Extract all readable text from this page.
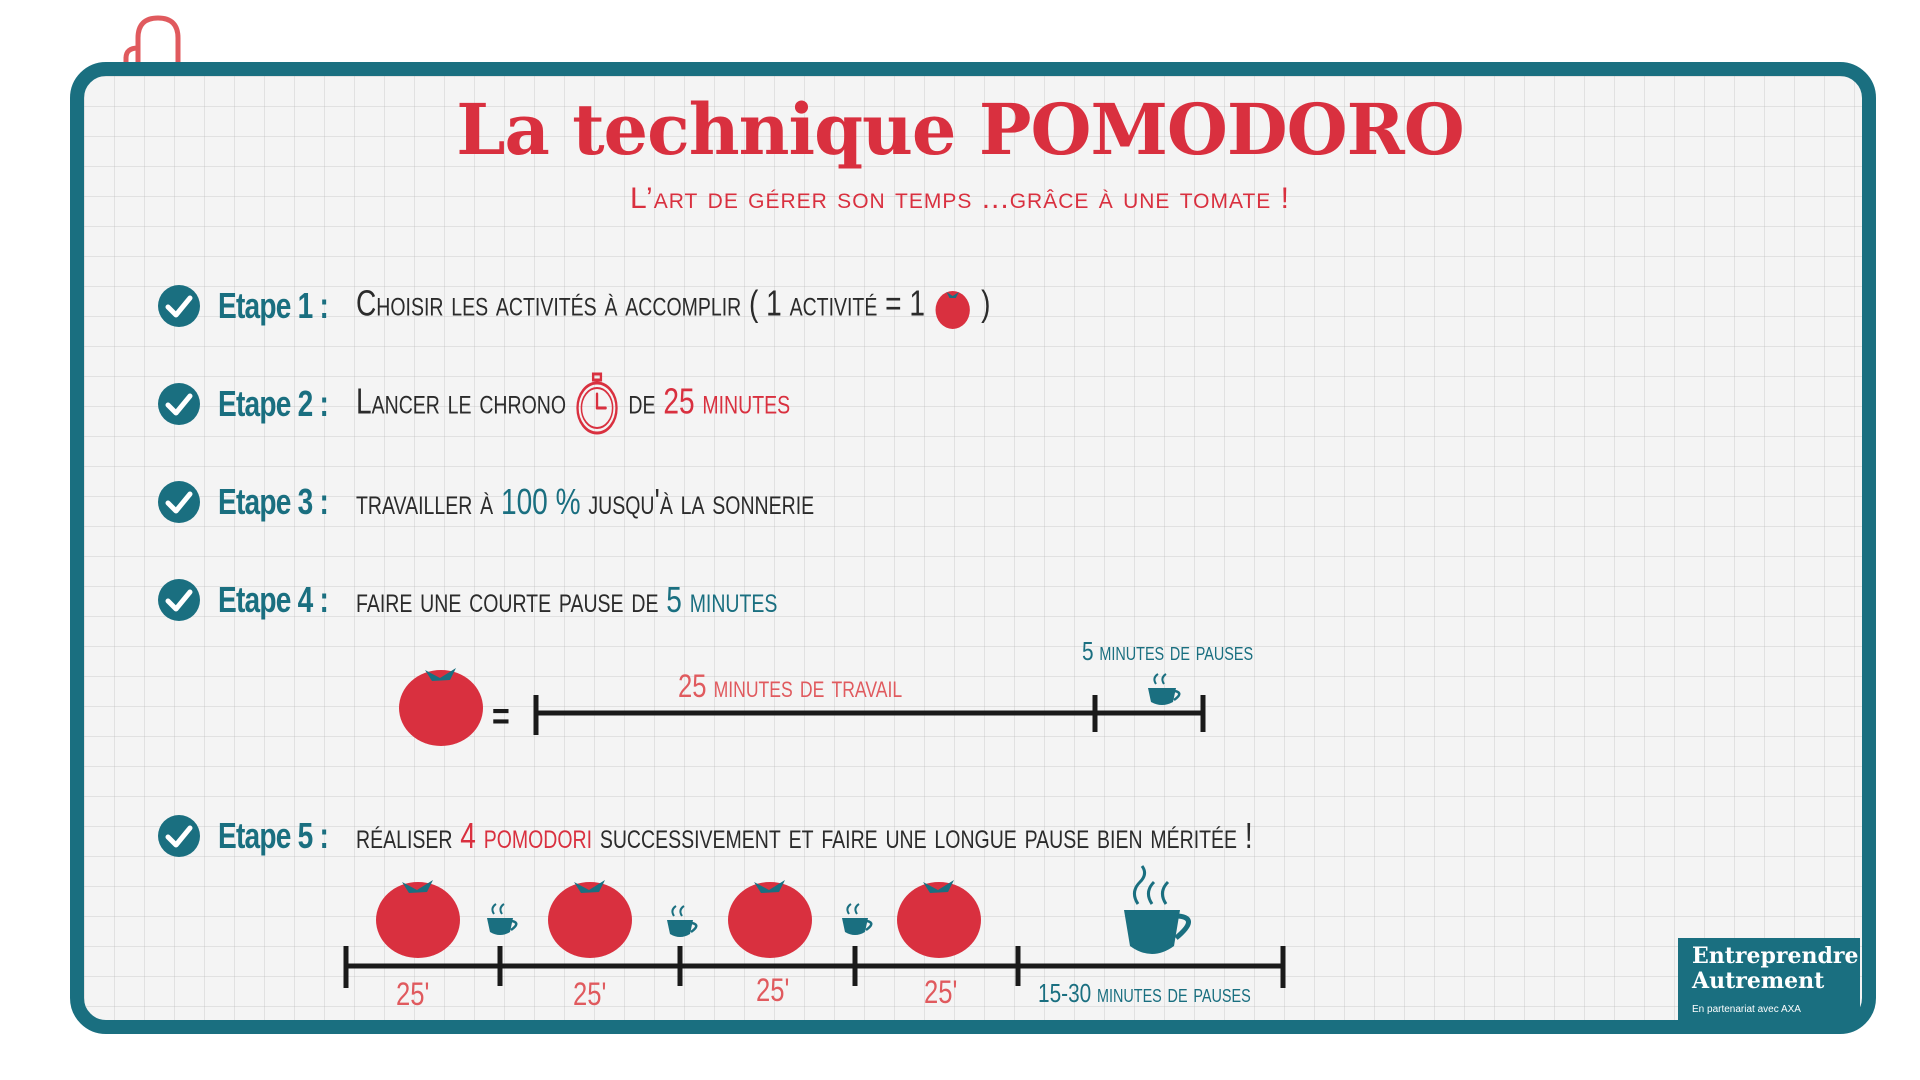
La technique POMODORO
L’art de gérer son temps ...grâce à une tomate !
Etape 1 : Choisir les activités à accomplir ( 1 activité = 1 )
Etape 2 : Lancer le chrono de 25 minutes
Etape 3 : travailler à 100 % jusqu'à la sonnerie
Etape 4 : faire une courte pause de 5 minutes
=
25 minutes de travail
5 minutes de pauses
Etape 5 : réaliser 4 pomodori successivement et faire une longue pause bien méritée !
25'	25'	25'	25'	15-30 minutes de pauses
Entreprendre
Autrement
En partenariat avec AXA
